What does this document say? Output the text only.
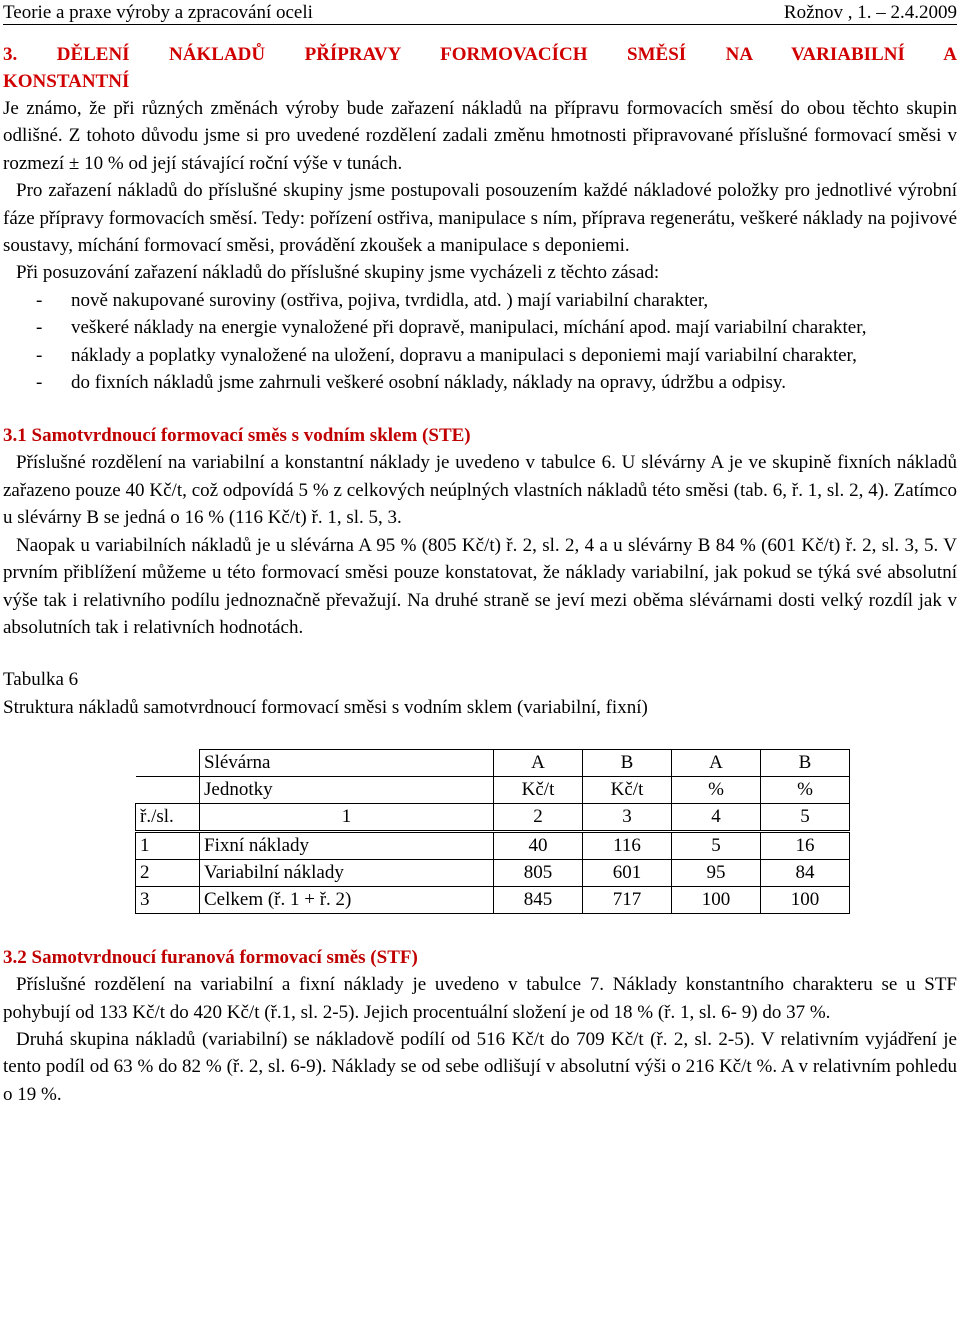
Teorie a praxe výroby a zpracování oceli	Rožnov , 1. – 2.4.2009
3. DĚLENÍ NÁKLADŮ PŘÍPRAVY FORMOVACÍCH SMĚSÍ NA VARIABILNÍ A
KONSTANTNÍ

Je známo, že při různých změnách výroby bude zařazení nákladů na přípravu formovacích směsí do obou těchto skupin odlišné. Z tohoto důvodu jsme si pro uvedené rozdělení zadali změnu hmotnosti připravované příslušné formovací směsi v rozmezí ± 10 % od její stávající roční výše v tunách.

Pro zařazení nákladů do příslušné skupiny jsme postupovali posouzením každé nákladové položky pro jednotlivé výrobní fáze přípravy formovacích směsí. Tedy: pořízení ostřiva, manipulace s ním, příprava regenerátu, veškeré náklady na pojivové soustavy, míchání formovací směsi, provádění zkoušek a manipulace s deponiemi.

Při posuzování zařazení nákladů do příslušné skupiny jsme vycházeli z těchto zásad:

- nově nakupované suroviny (ostřiva, pojiva, tvrdidla, atd. ) mají variabilní charakter,
- veškeré náklady na energie vynaložené při dopravě, manipulaci, míchání apod. mají variabilní charakter,
- náklady a poplatky vynaložené na uložení, dopravu a manipulaci s deponiemi mají variabilní charakter,
- do fixních nákladů jsme zahrnuli veškeré osobní náklady, náklady na opravy, údržbu a odpisy.
3.1 Samotvrdnoucí formovací směs s vodním sklem (STE)

Příslušné rozdělení na variabilní a konstantní náklady je uvedeno v tabulce 6. U slévárny A je ve skupině fixních nákladů zařazeno pouze 40 Kč/t, což odpovídá 5 % z celkových neúplných vlastních nákladů této směsi (tab. 6, ř. 1, sl. 2, 4). Zatímco u slévárny B se jedná o 16 % (116 Kč/t) ř. 1, sl. 5, 3.

Naopak u variabilních nákladů je u slévárna A 95 % (805 Kč/t) ř. 2, sl. 2, 4 a u slévárny B 84 % (601 Kč/t) ř. 2, sl. 3, 5. V prvním přiblížení můžeme u této formovací směsi pouze konstatovat, že náklady variabilní, jak pokud se týká své absolutní výše tak i relativního podílu jednoznačně převažují. Na druhé straně se jeví mezi oběma slévárnami dosti velký rozdíl jak v absolutních tak i relativních hodnotách.

Tabulka 6
Struktura nákladů samotvrdnoucí formovací směsi s vodním sklem (variabilní, fixní)
	Slévárna	A	B	A	B
	Jednotky	Kč/t	Kč/t	%	%
ř./sl.	1	2	3	4	5
1	Fixní náklady	40	116	5	16
2	Variabilní náklady	805	601	95	84
3	Celkem (ř. 1 + ř. 2)	845	717	100	100
3.2 Samotvrdnoucí furanová formovací směs (STF)

Příslušné rozdělení na variabilní a fixní náklady je uvedeno v tabulce 7. Náklady konstantního charakteru se u STF pohybují od 133 Kč/t do 420 Kč/t (ř.1, sl. 2-5). Jejich procentuální složení je od 18 % (ř. 1, sl. 6- 9) do 37 %.

Druhá skupina nákladů (variabilní) se nákladově podílí od 516 Kč/t do 709 Kč/t (ř. 2, sl. 2-5). V relativním vyjádření je tento podíl od 63 % do 82 % (ř. 2, sl. 6-9). Náklady se od sebe odlišují v absolutní výši o 216 Kč/t %. A v relativním pohledu o 19 %.
